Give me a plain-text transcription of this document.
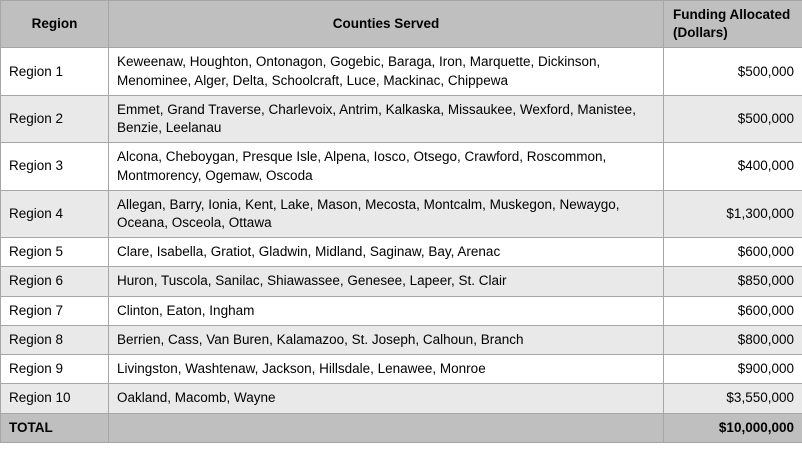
Region	Counties Served	Funding Allocated (Dollars)
Region 1	Keweenaw, Houghton, Ontonagon, Gogebic, Baraga, Iron, Marquette, Dickinson, Menominee, Alger, Delta, Schoolcraft, Luce, Mackinac, Chippewa	$500,000
Region 2	Emmet, Grand Traverse, Charlevoix, Antrim, Kalkaska, Missaukee, Wexford, Manistee, Benzie, Leelanau	$500,000
Region 3	Alcona, Cheboygan, Presque Isle, Alpena, Iosco, Otsego, Crawford, Roscommon, Montmorency, Ogemaw, Oscoda	$400,000
Region 4	Allegan, Barry, Ionia, Kent, Lake, Mason, Mecosta, Montcalm, Muskegon, Newaygo, Oceana, Osceola, Ottawa	$1,300,000
Region 5	Clare, Isabella, Gratiot, Gladwin, Midland, Saginaw, Bay, Arenac	$600,000
Region 6	Huron, Tuscola, Sanilac, Shiawassee, Genesee, Lapeer, St. Clair	$850,000
Region 7	Clinton, Eaton, Ingham	$600,000
Region 8	Berrien, Cass, Van Buren, Kalamazoo, St. Joseph, Calhoun, Branch	$800,000
Region 9	Livingston, Washtenaw, Jackson, Hillsdale, Lenawee, Monroe	$900,000
Region 10	Oakland, Macomb, Wayne	$3,550,000
TOTAL		$10,000,000
